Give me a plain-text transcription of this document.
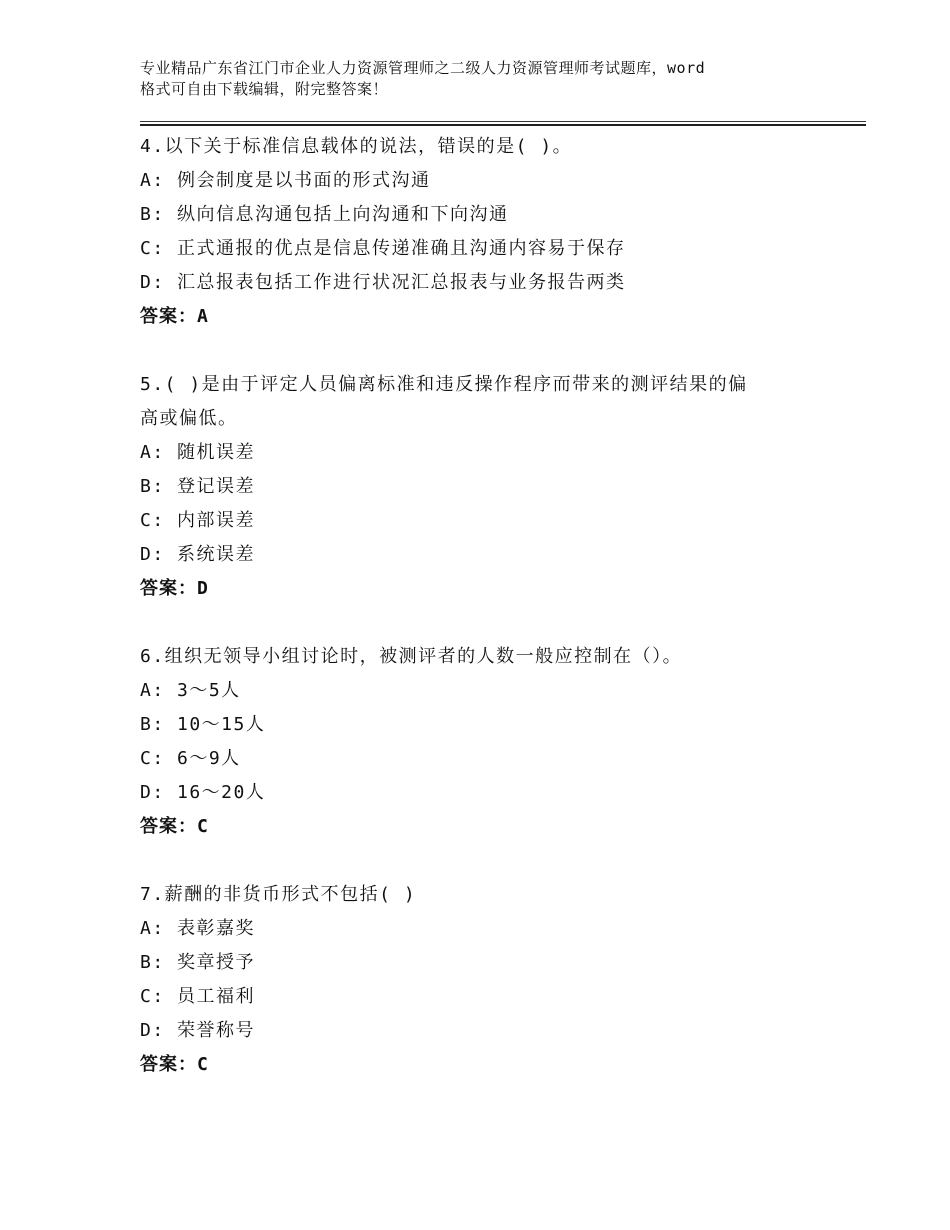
专业精品广东省江门市企业人力资源管理师之二级人力资源管理师考试题库，word
格式可自由下载编辑，附完整答案！
4.以下关于标准信息载体的说法，错误的是( )。
A: 例会制度是以书面的形式沟通
B: 纵向信息沟通包括上向沟通和下向沟通
C: 正式通报的优点是信息传递准确且沟通内容易于保存
D: 汇总报表包括工作进行状况汇总报表与业务报告两类
答案：A
5.( )是由于评定人员偏离标准和违反操作程序而带来的测评结果的偏
高或偏低。
A: 随机误差
B: 登记误差
C: 内部误差
D: 系统误差
答案：D
6.组织无领导小组讨论时，被测评者的人数一般应控制在（）。
A: 3～5人
B: 10～15人
C: 6～9人
D: 16～20人
答案：C
7.薪酬的非货币形式不包括( )
A: 表彰嘉奖
B: 奖章授予
C: 员工福利
D: 荣誉称号
答案：C
